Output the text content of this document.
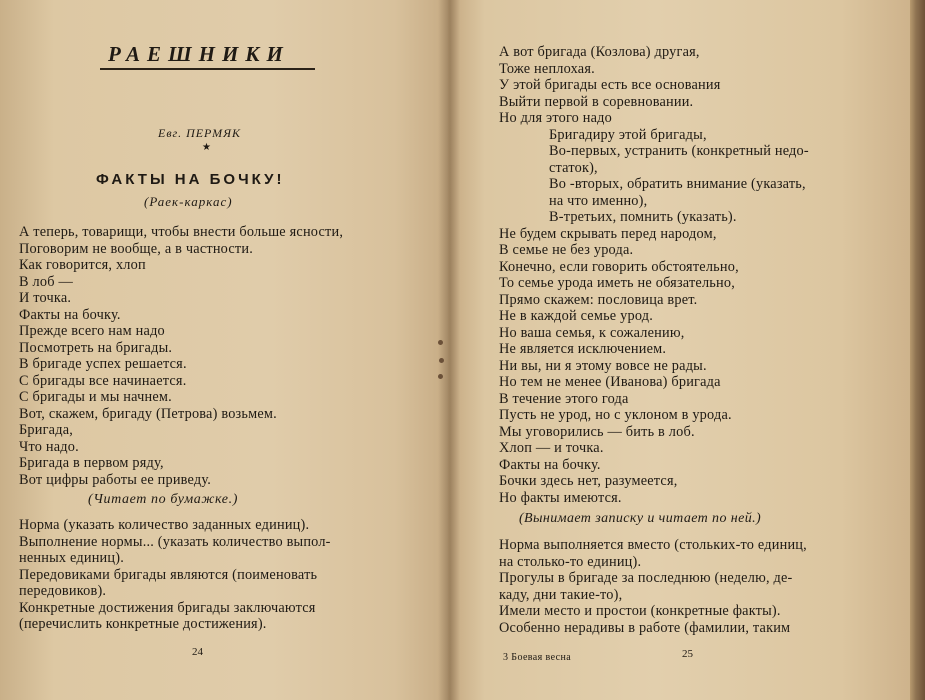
РАЕШНИКИ
Евг. ПЕРМЯК
★
ФАКТЫ НА БОЧКУ!
(Раек-каркас)
А теперь, товарищи, чтобы внести больше ясности,
Поговорим не вообще, а в частности.
Как говорится, хлоп
В лоб —
И точка.
Факты на бочку.
Прежде всего нам надо
Посмотреть на бригады.
В бригаде успех решается.
С бригады все начинается.
С бригады и мы начнем.
Вот, скажем, бригаду (Петрова) возьмем.
Бригада,
Что надо.
Бригада в первом ряду,
Вот цифры работы ее приведу.
(Читает по бумажке.)
Норма (указать количество заданных единиц).
Выполнение нормы... (указать количество выпол-
ненных единиц).
Передовиками бригады являются (поименовать
передовиков).
Конкретные достижения бригады заключаются
(перечислить конкретные достижения).
24
А вот бригада (Козлова) другая,
Тоже неплохая.
У этой бригады есть все основания
Выйти первой в соревновании.
Но для этого надо
Бригадиру этой бригады,
Во-первых, устранить (конкретный недо-
статок),
Во -вторых, обратить внимание (указать,
на что именно),
В-третьих, помнить (указать).
Не будем скрывать перед народом,
В семье не без урода.
Конечно, если говорить обстоятельно,
То семье урода иметь не обязательно,
Прямо скажем: пословица врет.
Не в каждой семье урод.
Но ваша семья, к сожалению,
Не является исключением.
Ни вы, ни я этому вовсе не рады.
Но тем не менее (Иванова) бригада
В течение этого года
Пусть не урод, но с уклоном в урода.
Мы уговорились — бить в лоб.
Хлоп — и точка.
Факты на бочку.
Бочки здесь нет, разумеется,
Но факты имеются.
(Вынимает записку и читает по ней.)
Норма выполняется вместо (стольких-то единиц,
на столько-то единиц).
Прогулы в бригаде за последнюю (неделю, де-
каду, дни такие-то),
Имели место и простои (конкретные факты).
Особенно нерадивы в работе (фамилии, таким
3 Боевая весна	25
